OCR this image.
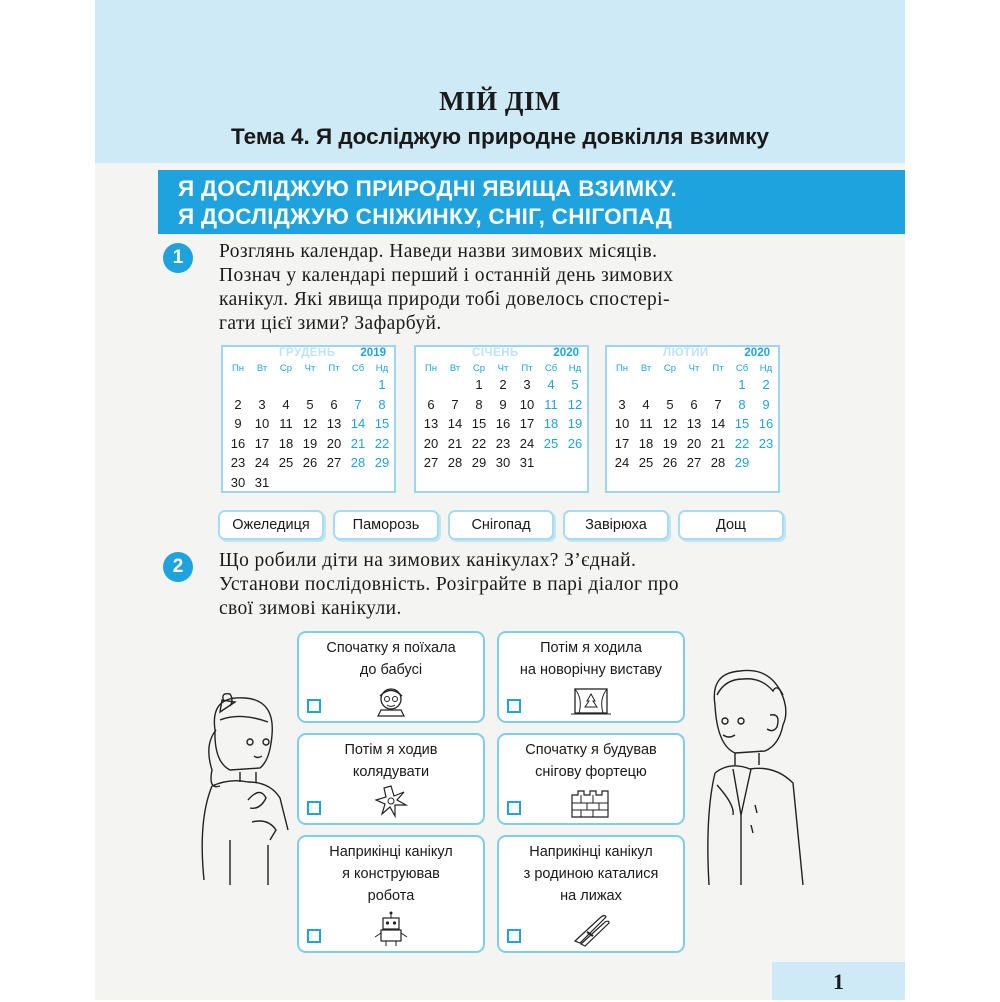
МІЙ ДІМ
Тема 4. Я досліджую природне довкілля взимку
Я ДОСЛІДЖУЮ ПРИРОДНІ ЯВИЩА ВЗИМКУ.
Я ДОСЛІДЖУЮ СНІЖИНКУ, СНІГ, СНІГОПАД
1	Розглянь календар. Наведи назви зимових місяців.
Познач у календарі перший і останній день зимових
канікул. Які явища природи тобі довелось спостері-
гати цієї зими? Зафарбуй.
ГРУДЕНЬ 2019
Пн	Вт	Ср	Чт	Пт	Сб	Нд
						1
2	3	4	5	6	7	8
9	10	11	12	13	14	15
16	17	18	19	20	21	22
23	24	25	26	27	28	29
30	31					
СІЧЕНЬ	2020
Пн	Вт	Ср	Чт	Пт	Сб	Нд
		1	2	3	4	5
6	7	8	9	10	11	12
13	14	15	16	17	18	19
20	21	22	23	24	25	26
27	28	29	30	31		
ЛЮТИЙ	2020
Пн	Вт	Ср	Чт	Пт	Сб	Нд
					1	2
3	4	5	6	7	8	9
10	11	12	13	14	15	16
17	18	19	20	21	22	23
24	25	26	27	28	29	
Ожеледиця	Паморозь	Снігопад	Завірюха	Дощ
2	Що робили діти на зимових канікулах? З’єднай.
Установи послідовність. Розіграйте в парі діалог про
свої зимові канікули.
Спочатку я поїхала
до бабусі
Потім я ходила
на новорічну виставу
Потім я ходив
колядувати
Спочатку я будував
снігову фортецю
Наприкінці канікул
я конструював
робота
Наприкінці канікул
з родиною каталися
на лижах
1
